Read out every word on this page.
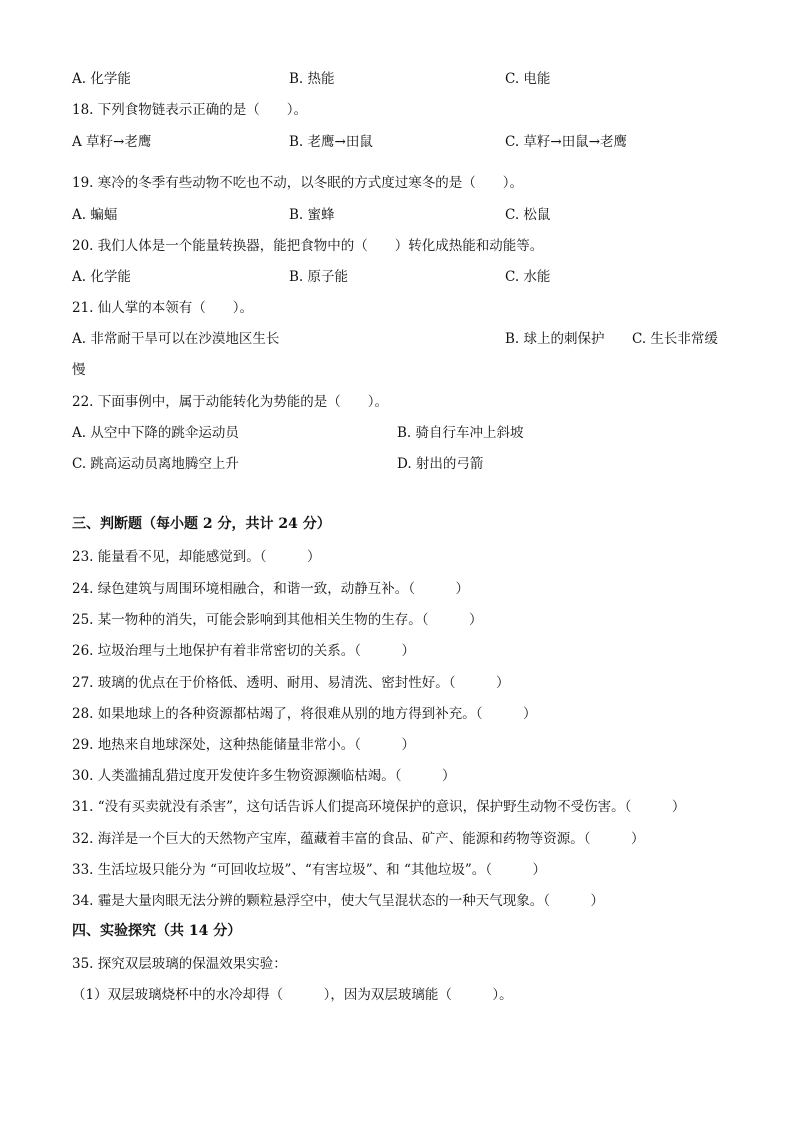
A. 化学能	B. 热能	C. 电能
18. 下列食物链表示正确的是（　　）。
A 草籽→老鹰	B. 老鹰→田鼠	C. 草籽→田鼠→老鹰
19. 寒冷的冬季有些动物不吃也不动，以冬眠的方式度过寒冬的是（　　）。
A. 蝙蝠	B. 蜜蜂	C. 松鼠
20. 我们人体是一个能量转换器，能把食物中的（　　）转化成热能和动能等。
A. 化学能	B. 原子能	C. 水能
21. 仙人掌的本领有（　　）。
A. 非常耐干旱可以在沙漠地区生长	B. 球上的刺保护 C. 生长非常缓
慢
22. 下面事例中，属于动能转化为势能的是（　　）。
A. 从空中下降的跳伞运动员	B. 骑自行车冲上斜坡
C. 跳高运动员离地腾空上升	D. 射出的弓箭
三、判断题（每小题 2 分，共计 24 分）
23. 能量看不见，却能感觉到。（　　　）
24. 绿色建筑与周围环境相融合，和谐一致，动静互补。（　　　）
25. 某一物种的消失，可能会影响到其他相关生物的生存。（　　　）
26. 垃圾治理与土地保护有着非常密切的关系。（　　　）
27. 玻璃的优点在于价格低、透明、耐用、易清洗、密封性好。（　　　）
28. 如果地球上的各种资源都枯竭了，将很难从别的地方得到补充。（　　　）
29. 地热来自地球深处，这种热能储量非常小。（　　　）
30. 人类滥捕乱猎过度开发使许多生物资源濒临枯竭。（　　　）
31. “没有买卖就没有杀害”，这句话告诉人们提高环境保护的意识，保护野生动物不受伤害。（　　　）
32. 海洋是一个巨大的天然物产宝库，蕴藏着丰富的食品、矿产、能源和药物等资源。（　　　）
33. 生活垃圾只能分为 “可回收垃圾”、“有害垃圾”、和 “其他垃圾”。（　　　）
34. 霾是大量肉眼无法分辨的颗粒悬浮空中，使大气呈混状态的一种天气现象。（　　　）
四、实验探究（共 14 分）
35. 探究双层玻璃的保温效果实验：
（1）双层玻璃烧杯中的水冷却得（　　　），因为双层玻璃能（　　　）。
